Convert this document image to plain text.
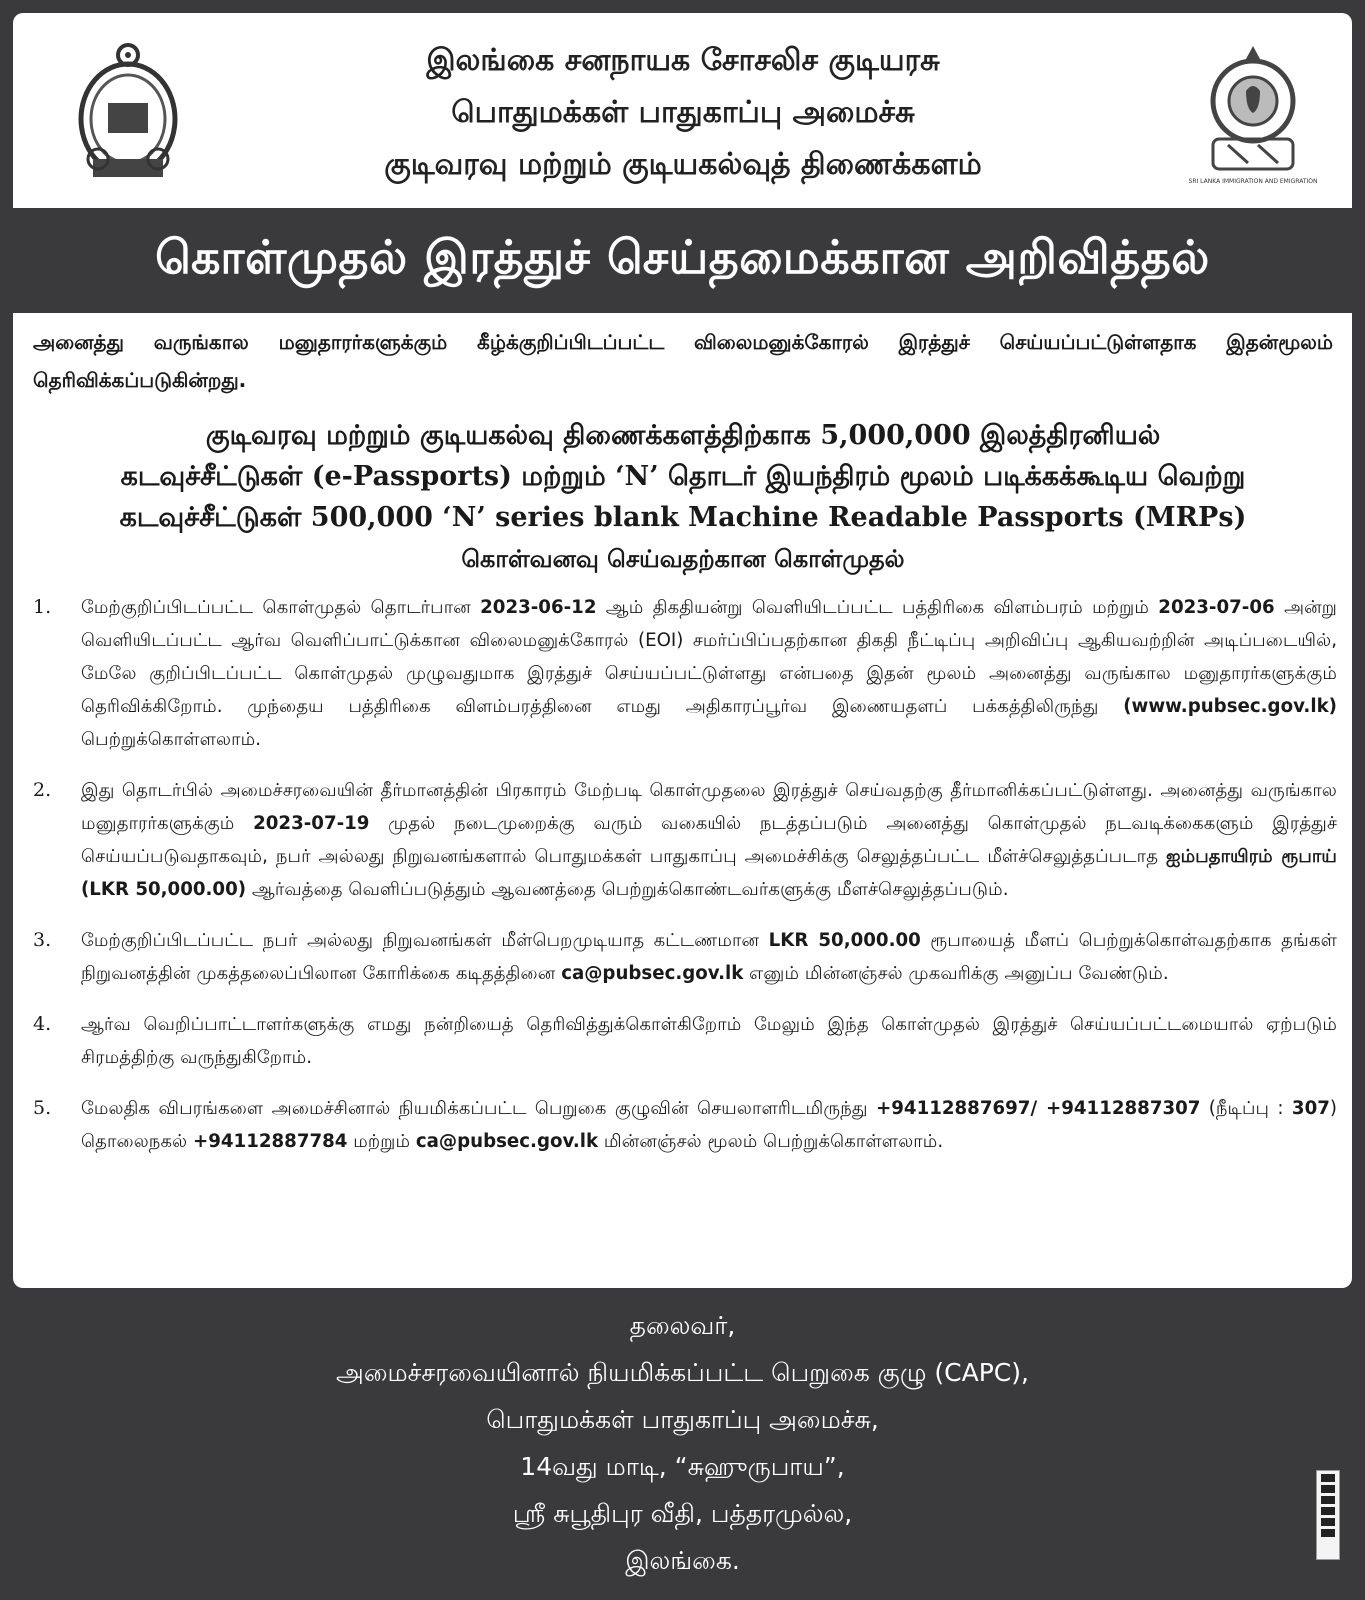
இலங்கை சனநாயக சோசலிச குடியரசு
பொதுமக்கள் பாதுகாப்பு அமைச்சு
குடிவரவு மற்றும் குடியகல்வுத் திணைக்களம்	SRI LANKA IMMIGRATION AND EMIGRATION
கொள்முதல் இரத்துச் செய்தமைக்கான அறிவித்தல்
அனைத்து வருங்கால மனுதாரர்களுக்கும் கீழ்க்குறிப்பிடப்பட்ட விலைமனுக்கோரல் இரத்துச் செய்யப்பட்டுள்ளதாக இதன்மூலம் தெரிவிக்கப்படுகின்றது.
குடிவரவு மற்றும் குடியகல்வு திணைக்களத்திற்காக 5,000,000 இலத்திரனியல்
கடவுச்சீட்டுகள் (e-Passports) மற்றும் ‘N’ தொடர் இயந்திரம் மூலம் படிக்கக்கூடிய வெற்று
கடவுச்சீட்டுகள் 500,000 ‘N’ series blank Machine Readable Passports (MRPs)
கொள்வனவு செய்வதற்கான கொள்முதல்
1.	மேற்குறிப்பிடப்பட்ட கொள்முதல் தொடர்பான 2023-06-12 ஆம் திகதியன்று வெளியிடப்பட்ட பத்திரிகை விளம்பரம் மற்றும் 2023-07-06 அன்று வெளியிடப்பட்ட ஆர்வ வெளிப்பாட்டுக்கான விலைமனுக்கோரல் (EOI) சமர்ப்பிப்பதற்கான திகதி நீட்டிப்பு அறிவிப்பு ஆகியவற்றின் அடிப்படையில், மேலே குறிப்பிடப்பட்ட கொள்முதல் முழுவதுமாக இரத்துச் செய்யப்பட்டுள்ளது என்பதை இதன் மூலம் அனைத்து வருங்கால மனுதாரர்களுக்கும் தெரிவிக்கிறோம். முந்தைய பத்திரிகை விளம்பரத்தினை எமது அதிகாரப்பூர்வ இணையதளப் பக்கத்திலிருந்து (www.pubsec.gov.lk) பெற்றுக்கொள்ளலாம்.
2.	இது தொடர்பில் அமைச்சரவையின் தீர்மானத்தின் பிரகாரம் மேற்படி கொள்முதலை இரத்துச் செய்வதற்கு தீர்மானிக்கப்பட்டுள்ளது. அனைத்து வருங்கால மனுதாரர்களுக்கும் 2023-07-19 முதல் நடைமுறைக்கு வரும் வகையில் நடத்தப்படும் அனைத்து கொள்முதல் நடவடிக்கைகளும் இரத்துச் செய்யப்படுவதாகவும், நபர் அல்லது நிறுவனங்களால் பொதுமக்கள் பாதுகாப்பு அமைச்சிக்கு செலுத்தப்பட்ட மீள்ச்செலுத்தப்படாத ஐம்பதாயிரம் ரூபாய் (LKR 50,000.00) ஆர்வத்தை வெளிப்படுத்தும் ஆவணத்தை பெற்றுக்கொண்டவர்களுக்கு மீளச்செலுத்தப்படும்.
3.	மேற்குறிப்பிடப்பட்ட நபர் அல்லது நிறுவனங்கள் மீள்பெறமுடியாத கட்டணமான LKR 50,000.00 ரூபாயைத் மீளப் பெற்றுக்கொள்வதற்காக தங்கள் நிறுவனத்தின் முகத்தலைப்பிலான கோரிக்கை கடிதத்தினை ca@pubsec.gov.lk எனும் மின்னஞ்சல் முகவரிக்கு அனுப்ப வேண்டும்.
4.	ஆர்வ வெறிப்பாட்டாளர்களுக்கு எமது நன்றியைத் தெரிவித்துக்கொள்கிறோம் மேலும் இந்த கொள்முதல் இரத்துச் செய்யப்பட்டமையால் ஏற்படும் சிரமத்திற்கு வருந்துகிறோம்.
5.	மேலதிக விபரங்களை அமைச்சினால் நியமிக்கப்பட்ட பெறுகை குழுவின் செயலாளரிடமிருந்து +94112887697/ +94112887307 (நீடிப்பு : 307) தொலைநகல் +94112887784 மற்றும் ca@pubsec.gov.lk மின்னஞ்சல் மூலம் பெற்றுக்கொள்ளலாம்.
தலைவர்,
அமைச்சரவையினால் நியமிக்கப்பட்ட பெறுகை குழு (CAPC),
பொதுமக்கள் பாதுகாப்பு அமைச்சு,
14வது மாடி, “சுஹுருபாய”,
ஸ்ரீ சுபூதிபுர வீதி, பத்தரமுல்ல,
இலங்கை.
